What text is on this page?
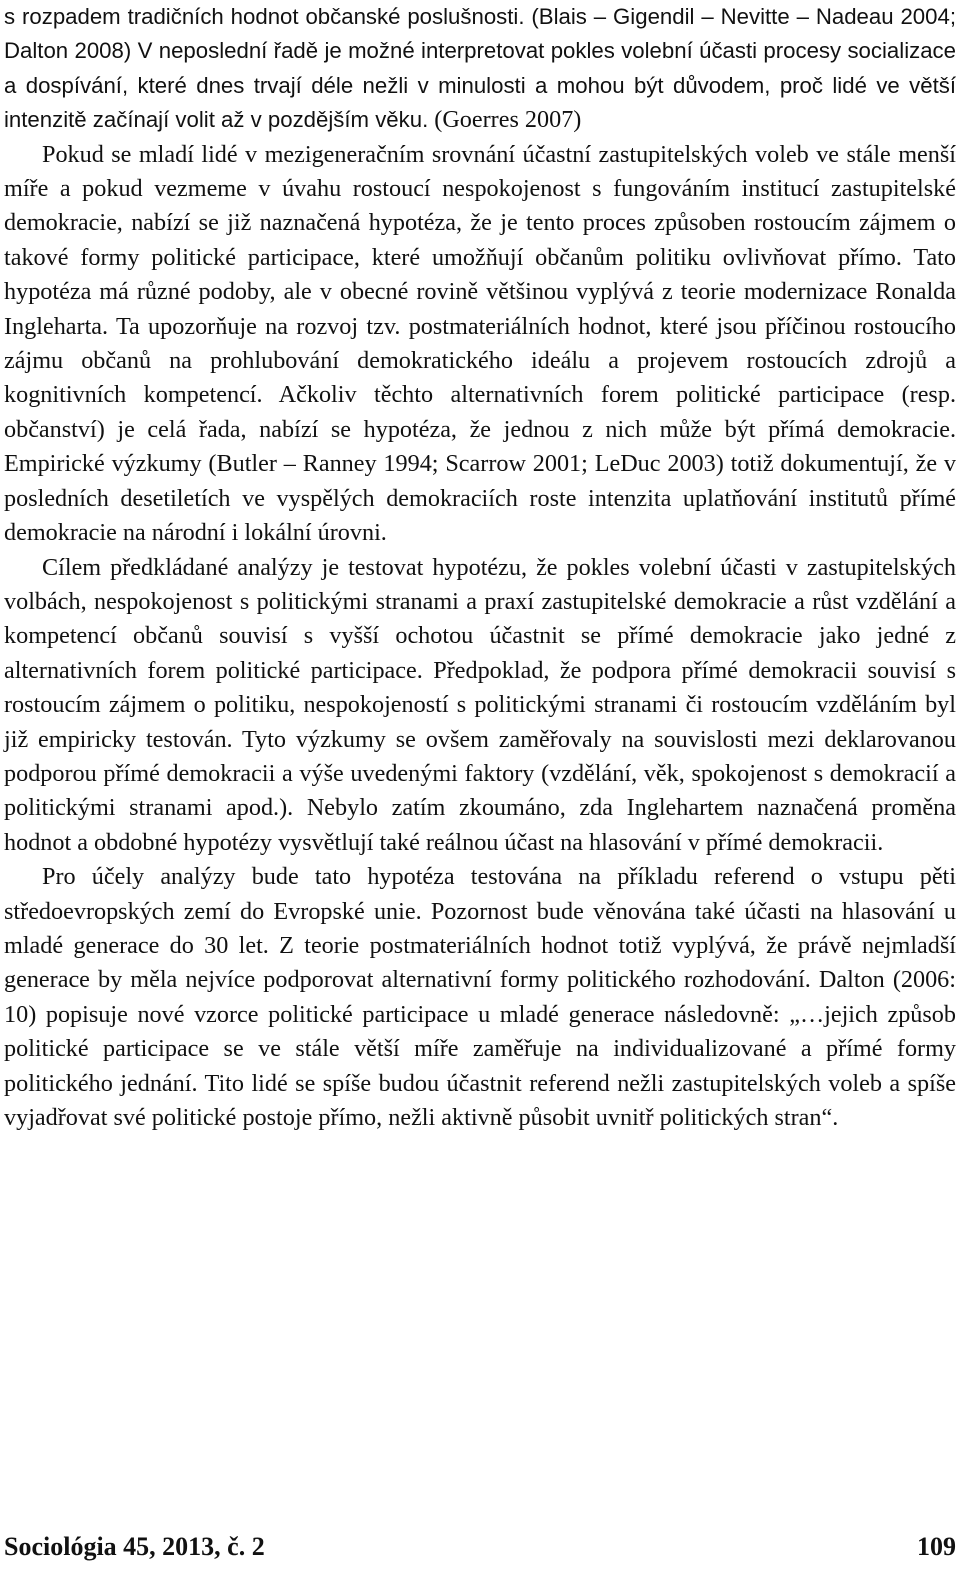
s rozpadem tradičních hodnot občanské poslušnosti. (Blais – Gigendil – Nevitte – Nadeau 2004; Dalton 2008) V neposlední řadě je možné interpretovat pokles volební účasti procesy socializace a dospívání, které dnes trvají déle nežli v minulosti a mohou být důvodem, proč lidé ve větší intenzitě začínají volit až v pozdějším věku. (Goerres 2007)

Pokud se mladí lidé v mezigeneračním srovnání účastní zastupitelských voleb ve stále menší míře a pokud vezmeme v úvahu rostoucí nespokojenost s fungováním institucí zastupitelské demokracie, nabízí se již naznačená hypotéza, že je tento proces způsoben rostoucím zájmem o takové formy politické participace, které umožňují občanům politiku ovlivňovat přímo. Tato hypotéza má různé podoby, ale v obecné rovině většinou vyplývá z teorie modernizace Ronalda Ingleharta. Ta upozorňuje na rozvoj tzv. postmateriálních hodnot, které jsou příčinou rostoucího zájmu občanů na prohlubování demokratického ideálu a projevem rostoucích zdrojů a kognitivních kompetencí. Ačkoliv těchto alternativních forem politické participace (resp. občanství) je celá řada, nabízí se hypotéza, že jednou z nich může být přímá demokracie. Empirické výzkumy (Butler – Ranney 1994; Scarrow 2001; LeDuc 2003) totiž dokumentují, že v posledních desetiletích ve vyspělých demokraciích roste intenzita uplatňování institutů přímé demokracie na národní i lokální úrovni.

Cílem předkládané analýzy je testovat hypotézu, že pokles volební účasti v zastupitelských volbách, nespokojenost s politickými stranami a praxí zastupitelské demokracie a růst vzdělání a kompetencí občanů souvisí s vyšší ochotou účastnit se přímé demokracie jako jedné z alternativních forem politické participace. Předpoklad, že podpora přímé demokracii souvisí s rostoucím zájmem o politiku, nespokojeností s politickými stranami či rostoucím vzděláním byl již empiricky testován. Tyto výzkumy se ovšem zaměřovaly na souvislosti mezi deklarovanou podporou přímé demokracii a výše uvedenými faktory (vzdělání, věk, spokojenost s demokracií a politickými stranami apod.). Nebylo zatím zkoumáno, zda Inglehartem naznačená proměna hodnot a obdobné hypotézy vysvětlují také reálnou účast na hlasování v přímé demokracii.

Pro účely analýzy bude tato hypotéza testována na příkladu referend o vstupu pěti středoevropských zemí do Evropské unie. Pozornost bude věnována také účasti na hlasování u mladé generace do 30 let. Z teorie postmateriálních hodnot totiž vyplývá, že právě nejmladší generace by měla nejvíce podporovat alternativní formy politického rozhodování. Dalton (2006: 10) popisuje nové vzorce politické participace u mladé generace následovně: „…jejich způsob politické participace se ve stále větší míře zaměřuje na individualizované a přímé formy politického jednání. Tito lidé se spíše budou účastnit referend nežli zastupitelských voleb a spíše vyjadřovat své politické postoje přímo, nežli aktivně působit uvnitř politických stran“.

Sociológia 45, 2013, č. 2	109
